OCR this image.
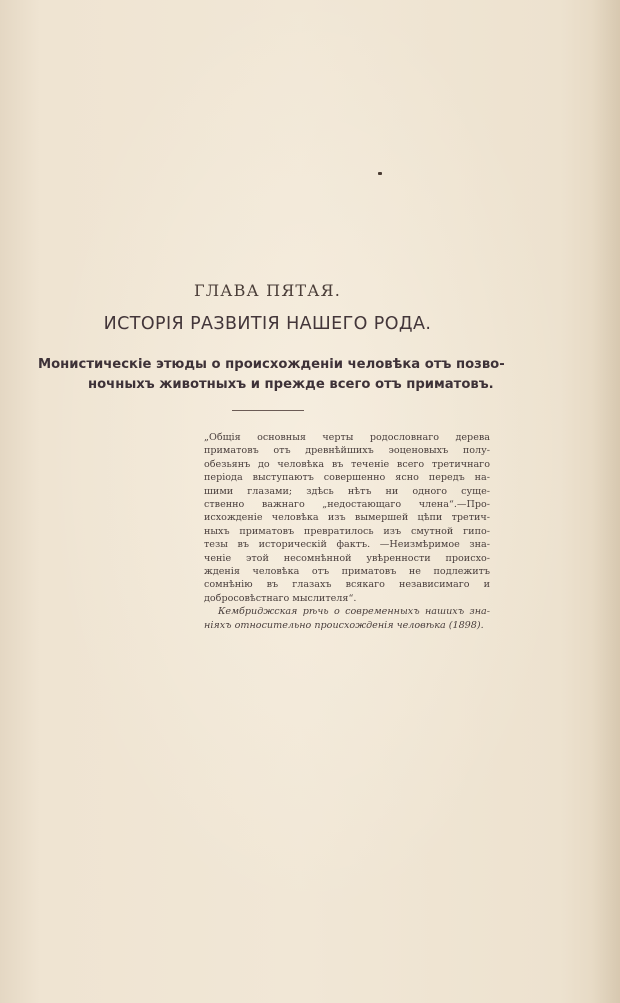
ГЛАВА ПЯТАЯ.
ИСТОРІЯ РАЗВИТІЯ НАШЕГО РОДА.
Монистическіе этюды о происхожденіи человѣка отъ позво-
ночныхъ животныхъ и прежде всего отъ приматовъ.
„Общія основныя черты родословнаго дерева
приматовъ отъ древнѣйшихъ эоценовыхъ полу-
обезьянъ до человѣка въ теченіе всего третичнаго
періода выступаютъ совершенно ясно передъ на-
шими глазами; здѣсь нѣтъ ни одного суще-
ственно важнаго „недостающаго члена“.—Про-
исхожденіе человѣка изъ вымершей цѣпи третич-
ныхъ приматовъ превратилось изъ смутной гипо-
тезы въ историческій фактъ. —Неизмѣримое зна-
ченіе этой несомнѣнной увѣренности происхо-
жденія человѣка отъ приматовъ не подлежитъ
сомнѣнію въ глазахъ всякаго независимаго и
добросовѣстнаго мыслителя“.
Кембриджская рѣчь о современныхъ нашихъ зна-
ніяхъ относительно происхожденія человѣка (1898).
